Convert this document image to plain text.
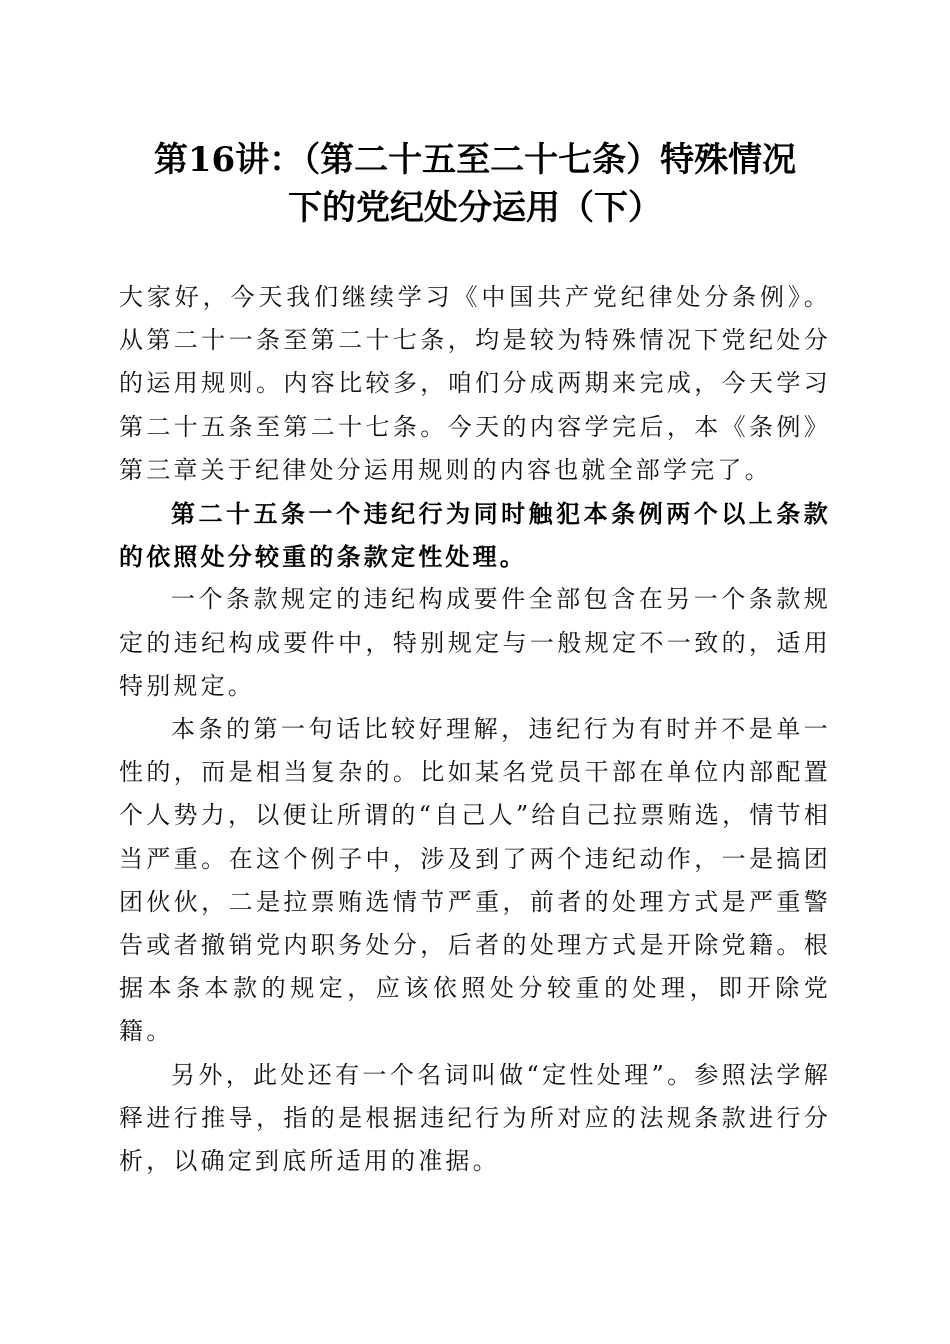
第16讲：（第二十五至二十七条）特殊情况
下的党纪处分运用（下）

大家好，今天我们继续学习《中国共产党纪律处分条例》。从第二十一条至第二十七条，均是较为特殊情况下党纪处分的运用规则。内容比较多，咱们分成两期来完成，今天学习第二十五条至第二十七条。今天的内容学完后，本《条例》第三章关于纪律处分运用规则的内容也就全部学完了。

第二十五条一个违纪行为同时触犯本条例两个以上条款的依照处分较重的条款定性处理。

一个条款规定的违纪构成要件全部包含在另一个条款规定的违纪构成要件中，特别规定与一般规定不一致的，适用特别规定。

本条的第一句话比较好理解，违纪行为有时并不是单一性的，而是相当复杂的。比如某名党员干部在单位内部配置个人势力，以便让所谓的“自己人”给自己拉票贿选，情节相当严重。在这个例子中，涉及到了两个违纪动作，一是搞团团伙伙，二是拉票贿选情节严重，前者的处理方式是严重警告或者撤销党内职务处分，后者的处理方式是开除党籍。根据本条本款的规定，应该依照处分较重的处理，即开除党籍。

另外，此处还有一个名词叫做“定性处理”。参照法学解释进行推导，指的是根据违纪行为所对应的法规条款进行分析，以确定到底所适用的准据。
